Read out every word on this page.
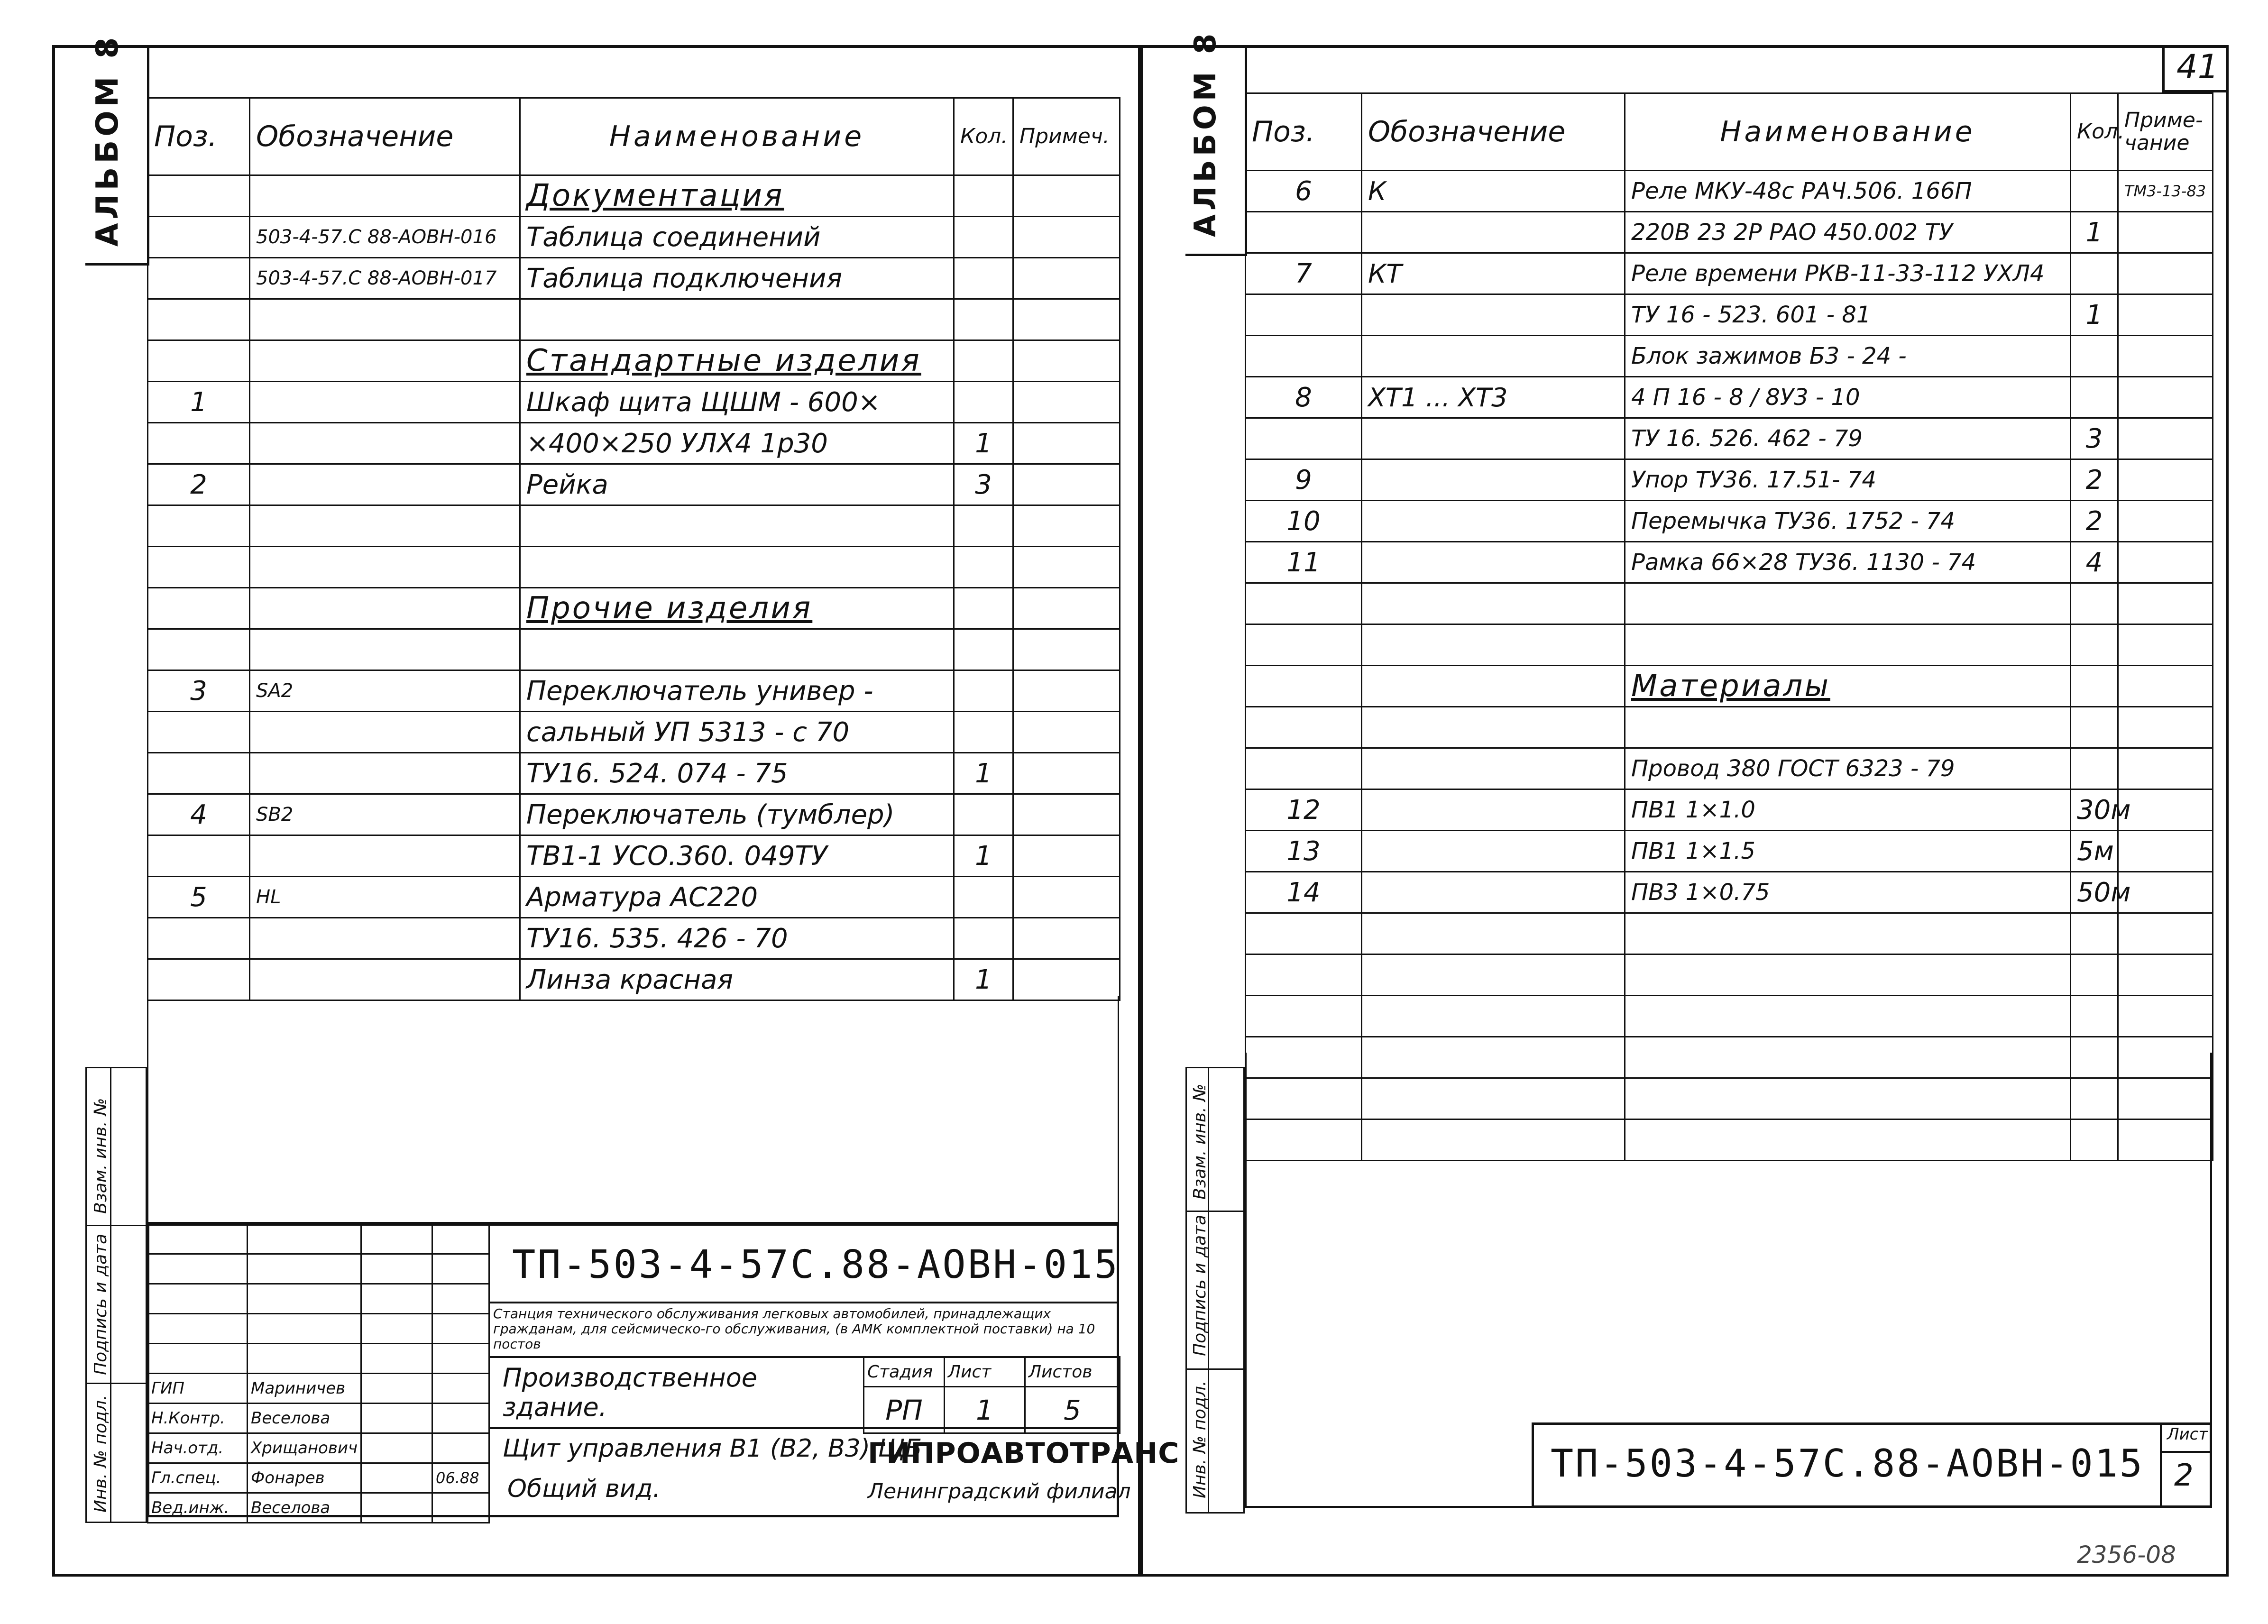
АЛЬБОМ 8 Поз.	Обозначение	Наименование	Кол.	Примеч.
		Документация		
	503-4-57.С 88-АОВН-016	Таблица соединений		
	503-4-57.С 88-АОВН-017	Таблица подключения		

		Стандартные изделия		
1		Шкаф щита ЩШМ - 600×		
		×400×250 УЛХ4 1р30	1	
2		Рейка	3	

		Прочие изделия		

3	SA2	Переключатель универ -		
		сальный УП 5313 - с 70		
		ТУ16. 524. 074 - 75	1	
4	SB2	Переключатель (тумблер)		
		ТВ1-1 УСО.360. 049ТУ	1	
5	HL	Арматура АС220		
		ТУ16. 535. 426 - 70		
		Линза красная	1	

Взам. инв. №
Подпись и дата
Инв. № подл.

ГИП	Мариничев		
Н.Контр.	Веселова		
Нач.отд.	Хрищанович		
Гл.спец.	Фонарев		06.88
Вед.инж.	Веселова		
ТП-503-4-57С.88-АОВН-015
Станция технического обслуживания легковых автомобилей, принадлежащих гражданам, для сейсмическо-го обслуживания, (в АМК комплектной поставки) на 10 постов
Производственное здание.
Щит управления В1 (В2, В3) ЩБ
Общий вид.
Стадия	Лист	Листов
РП	1	5
ГИПРОАВТОТРАНС
Ленинградский филиал
41
АЛЬБОМ 8 Поз.	Обозначение	Наименование	Кол.	Приме-чание
6	К	Реле МКУ-48с РАЧ.506. 166П		ТМ3-13-83
		220В 23 2Р РАО 450.002 ТУ	1	
7	КТ	Реле времени РКВ-11-33-112 УХЛ4		
		ТУ 16 - 523. 601 - 81	1	
		Блок зажимов Б3 - 24 -		
8	XT1 ... XT3	4 П 16 - 8 / 8У3 - 10		
		ТУ 16. 526. 462 - 79	3	
9		Упор ТУ36. 17.51- 74	2	
10		Перемычка ТУ36. 1752 - 74	2	
11		Рамка 66×28 ТУ36. 1130 - 74	4	

		Материалы		

		Провод 380 ГОСТ 6323 - 79		
12		ПВ1 1×1.0	30м	
13		ПВ1 1×1.5	5м	
14		ПВ3 1×0.75	50м	

Взам. инв. №
Подпись и дата
Инв. № подл.	ТП-503-4-57С.88-АОВН-015
Лист
2
2356-08
